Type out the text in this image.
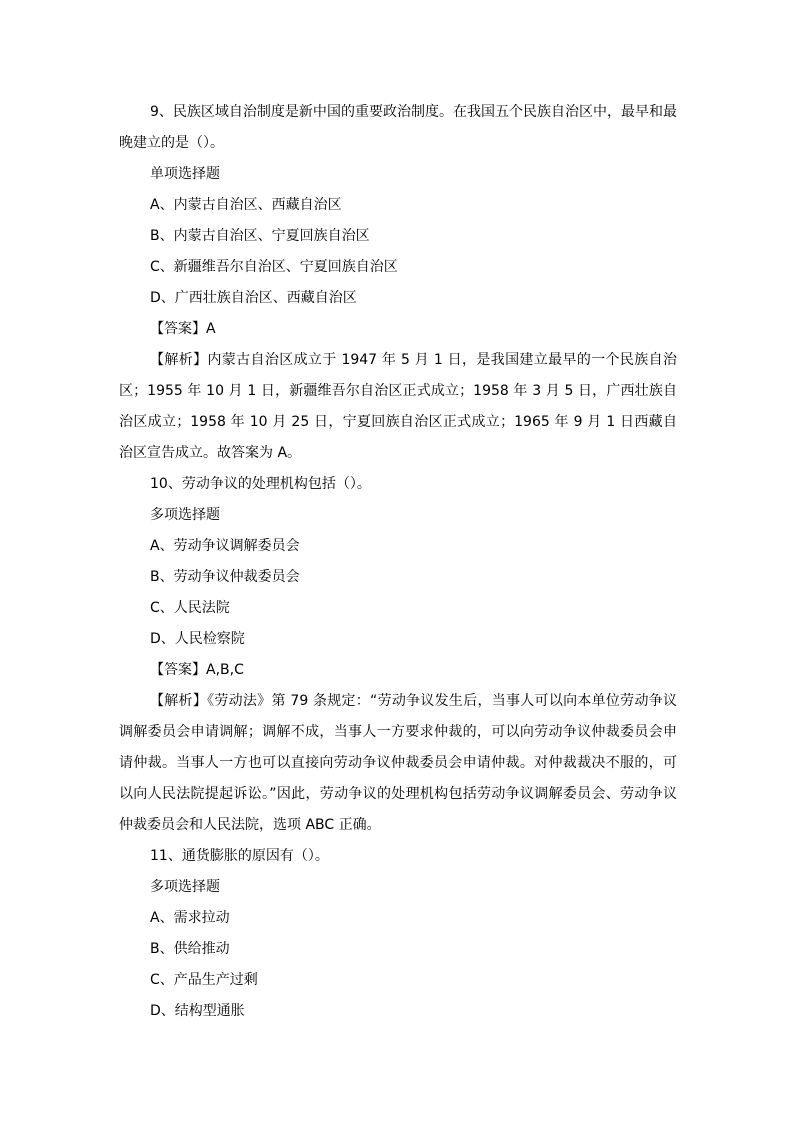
9、民族区域自治制度是新中国的重要政治制度。在我国五个民族自治区中，最早和最晚建立的是（）。
单项选择题
A、内蒙古自治区、西藏自治区
B、内蒙古自治区、宁夏回族自治区
C、新疆维吾尔自治区、宁夏回族自治区
D、广西壮族自治区、西藏自治区
【答案】A
【解析】内蒙古自治区成立于 1947 年 5 月 1 日，是我国建立最早的一个民族自治区；1955 年 10 月 1 日，新疆维吾尔自治区正式成立；1958 年 3 月 5 日，广西壮族自治区成立；1958 年 10 月 25 日，宁夏回族自治区正式成立；1965 年 9 月 1 日西藏自治区宣告成立。故答案为 A。
10、劳动争议的处理机构包括（）。
多项选择题
A、劳动争议调解委员会
B、劳动争议仲裁委员会
C、人民法院
D、人民检察院
【答案】A,B,C
【解析】《劳动法》第 79 条规定：“劳动争议发生后，当事人可以向本单位劳动争议调解委员会申请调解；调解不成，当事人一方要求仲裁的，可以向劳动争议仲裁委员会申请仲裁。当事人一方也可以直接向劳动争议仲裁委员会申请仲裁。对仲裁裁决不服的，可以向人民法院提起诉讼。”因此，劳动争议的处理机构包括劳动争议调解委员会、劳动争议仲裁委员会和人民法院，选项 ABC 正确。
11、通货膨胀的原因有（）。
多项选择题
A、需求拉动
B、供给推动
C、产品生产过剩
D、结构型通胀
